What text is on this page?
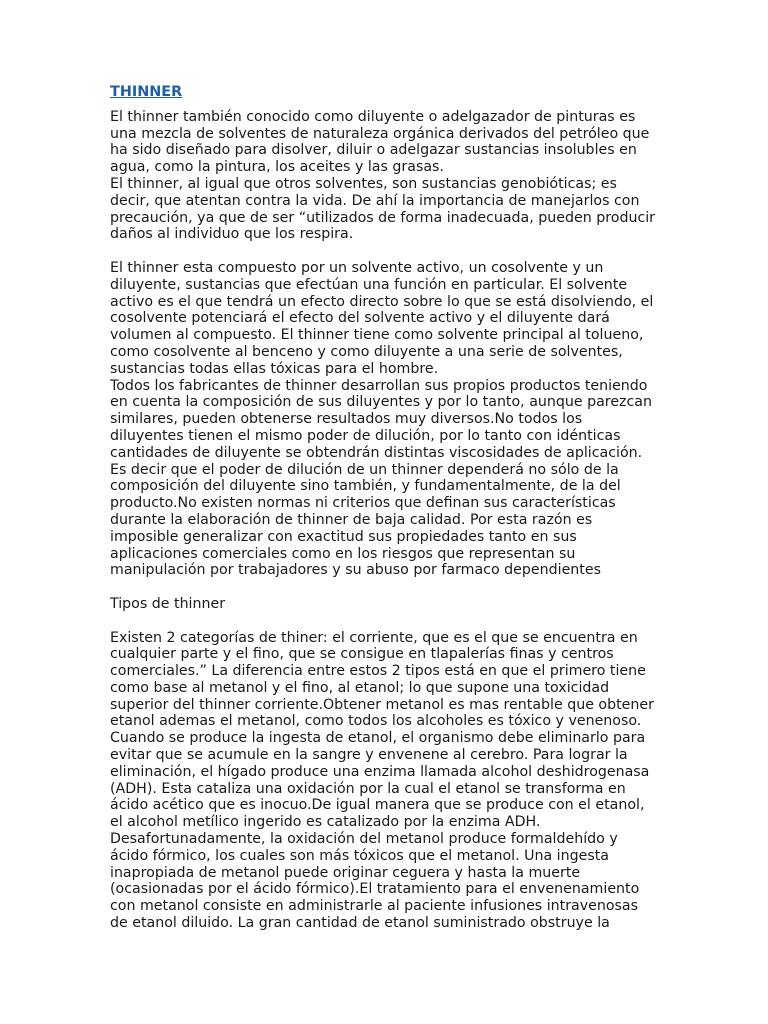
THINNER
El thinner también conocido como diluyente o adelgazador de pinturas es
una mezcla de solventes de naturaleza orgánica derivados del petróleo que
ha sido diseñado para disolver, diluir o adelgazar sustancias insolubles en
agua, como la pintura, los aceites y las grasas.
El thinner, al igual que otros solventes, son sustancias genobióticas; es
decir, que atentan contra la vida. De ahí la importancia de manejarlos con
precaución, ya que de ser “utilizados de forma inadecuada, pueden producir
daños al individuo que los respira.
El thinner esta compuesto por un solvente activo, un cosolvente y un
diluyente, sustancias que efectúan una función en particular. El solvente
activo es el que tendrá un efecto directo sobre lo que se está disolviendo, el
cosolvente potenciará el efecto del solvente activo y el diluyente dará
volumen al compuesto. El thinner tiene como solvente principal al tolueno,
como cosolvente al benceno y como diluyente a una serie de solventes,
sustancias todas ellas tóxicas para el hombre.
Todos los fabricantes de thinner desarrollan sus propios productos teniendo
en cuenta la composición de sus diluyentes y por lo tanto, aunque parezcan
similares, pueden obtenerse resultados muy diversos.No todos los
diluyentes tienen el mismo poder de dilución, por lo tanto con idénticas
cantidades de diluyente se obtendrán distintas viscosidades de aplicación.
Es decir que el poder de dilución de un thinner dependerá no sólo de la
composición del diluyente sino también, y fundamentalmente, de la del
producto.No existen normas ni criterios que definan sus características
durante la elaboración de thinner de baja calidad. Por esta razón es
imposible generalizar con exactitud sus propiedades tanto en sus
aplicaciones comerciales como en los riesgos que representan su
manipulación por trabajadores y su abuso por farmaco dependientes
Tipos de thinner
Existen 2 categorías de thiner: el corriente, que es el que se encuentra en
cualquier parte y el fino, que se consigue en tlapalerías finas y centros
comerciales.” La diferencia entre estos 2 tipos está en que el primero tiene
como base al metanol y el fino, al etanol; lo que supone una toxicidad
superior del thinner corriente.Obtener metanol es mas rentable que obtener
etanol ademas el metanol, como todos los alcoholes es tóxico y venenoso.
Cuando se produce la ingesta de etanol, el organismo debe eliminarlo para
evitar que se acumule en la sangre y envenene al cerebro. Para lograr la
eliminación, el hígado produce una enzima llamada alcohol deshidrogenasa
(ADH). Esta cataliza una oxidación por la cual el etanol se transforma en
ácido acético que es inocuo.De igual manera que se produce con el etanol,
el alcohol metílico ingerido es catalizado por la enzima ADH.
Desafortunadamente, la oxidación del metanol produce formaldehído y
ácido fórmico, los cuales son más tóxicos que el metanol. Una ingesta
inapropiada de metanol puede originar ceguera y hasta la muerte
(ocasionadas por el ácido fórmico).El tratamiento para el envenenamiento
con metanol consiste en administrarle al paciente infusiones intravenosas
de etanol diluido. La gran cantidad de etanol suministrado obstruye la
